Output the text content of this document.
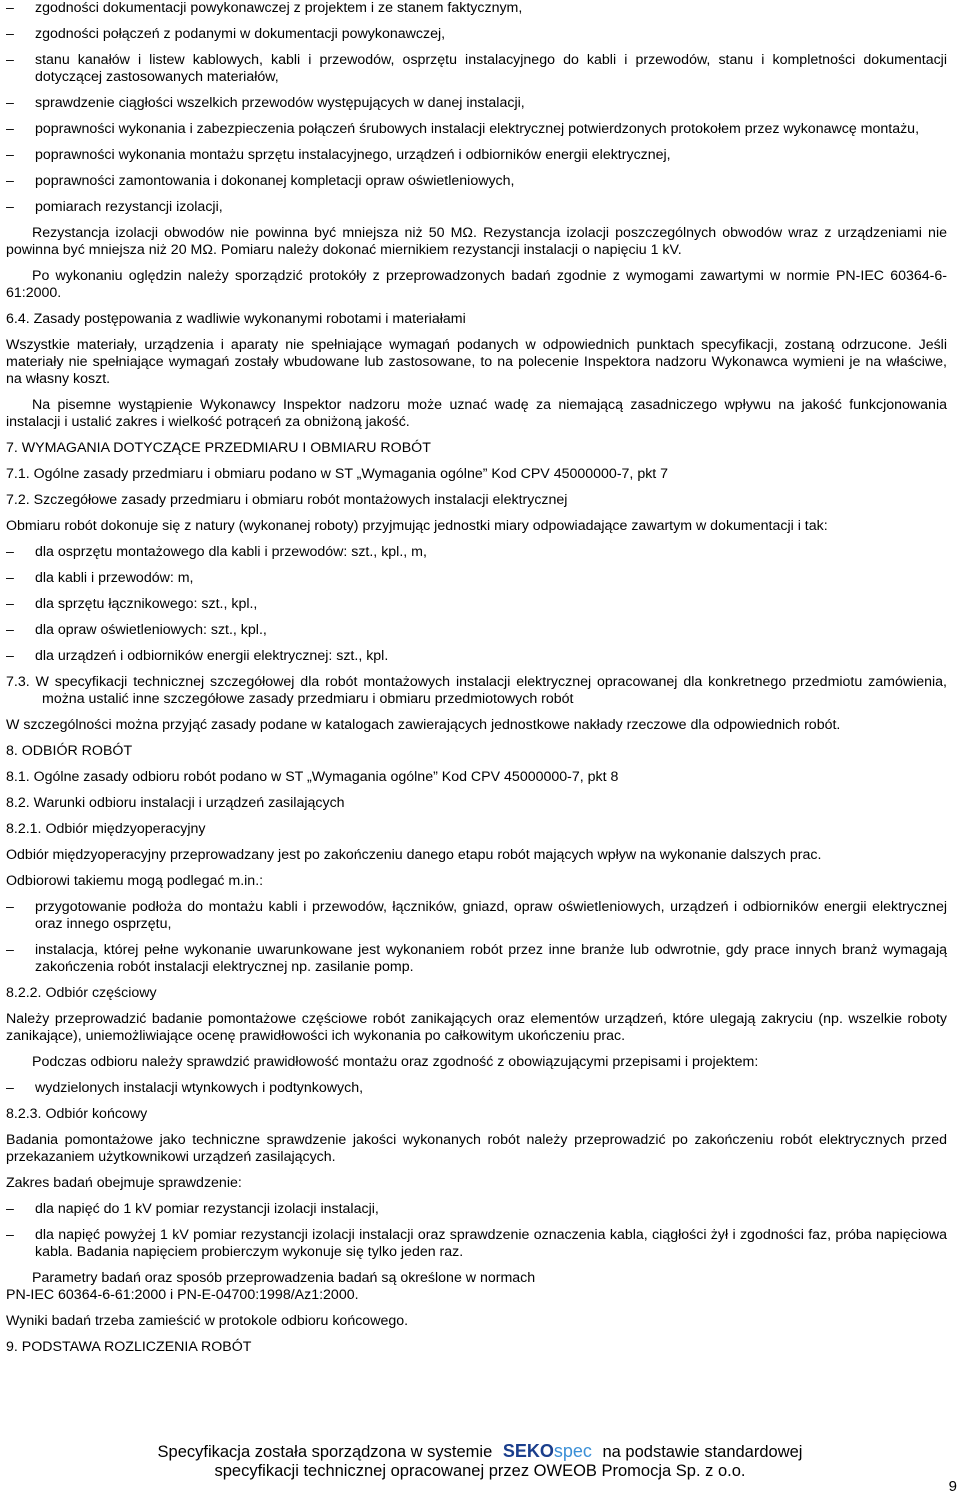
–	zgodności dokumentacji powykonawczej z projektem i ze stanem faktycznym,
–	zgodności połączeń z podanymi w dokumentacji powykonawczej,
–	stanu kanałów i listew kablowych, kabli i przewodów, osprzętu instalacyjnego do kabli i przewodów, stanu i kompletności dokumentacji dotyczącej zastosowanych materiałów,
–	sprawdzenie ciągłości wszelkich przewodów występujących w danej instalacji,
–	poprawności wykonania i zabezpieczenia połączeń śrubowych instalacji elektrycznej potwierdzonych protokołem przez wykonawcę montażu,
–	poprawności wykonania montażu sprzętu instalacyjnego, urządzeń i odbiorników energii elektrycznej,
–	poprawności zamontowania i dokonanej kompletacji opraw oświetleniowych,
–	pomiarach rezystancji izolacji,

Rezystancja izolacji obwodów nie powinna być mniejsza niż 50 MΩ. Rezystancja izolacji poszczególnych obwodów wraz z urządzeniami nie powinna być mniejsza niż 20 MΩ. Pomiaru należy dokonać miernikiem rezystancji instalacji o napięciu 1 kV.

Po wykonaniu oględzin należy sporządzić protokóły z przeprowadzonych badań zgodnie z wymogami zawartymi w normie PN-IEC 60364-6-61:2000.

6.4. Zasady postępowania z wadliwie wykonanymi robotami i materiałami

Wszystkie materiały, urządzenia i aparaty nie spełniające wymagań podanych w odpowiednich punktach specyfikacji, zostaną odrzucone. Jeśli materiały nie spełniające wymagań zostały wbudowane lub zastosowane, to na polecenie Inspektora nadzoru Wykonawca wymieni je na właściwe, na własny koszt.

Na pisemne wystąpienie Wykonawcy Inspektor nadzoru może uznać wadę za niemającą zasadniczego wpływu na jakość funkcjonowania instalacji i ustalić zakres i wielkość potrąceń za obniżoną jakość.

7. WYMAGANIA DOTYCZĄCE PRZEDMIARU I OBMIARU ROBÓT

7.1. Ogólne zasady przedmiaru i obmiaru podano w ST „Wymagania ogólne” Kod CPV 45000000-7, pkt 7

7.2. Szczegółowe zasady przedmiaru i obmiaru robót montażowych instalacji elektrycznej

Obmiaru robót dokonuje się z natury (wykonanej roboty) przyjmując jednostki miary odpowiadające zawartym w dokumentacji i tak:

–	dla osprzętu montażowego dla kabli i przewodów: szt., kpl., m,
–	dla kabli i przewodów: m,
–	dla sprzętu łącznikowego: szt., kpl.,
–	dla opraw oświetleniowych: szt., kpl.,
–	dla urządzeń i odbiorników energii elektrycznej: szt., kpl.

7.3. W specyfikacji technicznej szczegółowej dla robót montażowych instalacji elektrycznej opracowanej dla konkretnego przedmiotu zamówienia, można ustalić inne szczegółowe zasady przedmiaru i obmiaru przedmiotowych robót

W szczególności można przyjąć zasady podane w katalogach zawierających jednostkowe nakłady rzeczowe dla odpowiednich robót.

8. ODBIÓR ROBÓT

8.1. Ogólne zasady odbioru robót podano w ST „Wymagania ogólne” Kod CPV 45000000-7, pkt 8

8.2. Warunki odbioru instalacji i urządzeń zasilających

8.2.1. Odbiór międzyoperacyjny

Odbiór międzyoperacyjny przeprowadzany jest po zakończeniu danego etapu robót mających wpływ na wykonanie dalszych prac.

Odbiorowi takiemu mogą podlegać m.in.:

–	przygotowanie podłoża do montażu kabli i przewodów, łączników, gniazd, opraw oświetleniowych, urządzeń i odbiorników energii elektrycznej oraz innego osprzętu,
–	instalacja, której pełne wykonanie uwarunkowane jest wykonaniem robót przez inne branże lub odwrotnie, gdy prace innych branż wymagają zakończenia robót instalacji elektrycznej np. zasilanie pomp.

8.2.2. Odbiór częściowy

Należy przeprowadzić badanie pomontażowe częściowe robót zanikających oraz elementów urządzeń, które ulegają zakryciu (np. wszelkie roboty zanikające), uniemożliwiające ocenę prawidłowości ich wykonania po całkowitym ukończeniu prac.

Podczas odbioru należy sprawdzić prawidłowość montażu oraz zgodność z obowiązującymi przepisami i projektem:

–	wydzielonych instalacji wtynkowych i podtynkowych,

8.2.3. Odbiór końcowy

Badania pomontażowe jako techniczne sprawdzenie jakości wykonanych robót należy przeprowadzić po zakończeniu robót elektrycznych przed przekazaniem użytkownikowi urządzeń zasilających.

Zakres badań obejmuje sprawdzenie:

–	dla napięć do 1 kV pomiar rezystancji izolacji instalacji,
–	dla napięć powyżej 1 kV pomiar rezystancji izolacji instalacji oraz sprawdzenie oznaczenia kabla, ciągłości żył i zgodności faz, próba napięciowa kabla. Badania napięciem probierczym wykonuje się tylko jeden raz.

Parametry badań oraz sposób przeprowadzenia badań są określone w normach

PN-IEC 60364-6-61:2000 i PN-E-04700:1998/Az1:2000.

Wyniki badań trzeba zamieścić w protokole odbioru końcowego.

9. PODSTAWA ROZLICZENIA ROBÓT

Specyfikacja została sporządzona w systemie SEKOspec na podstawie standardowej
specyfikacji technicznej opracowanej przez OWEOB Promocja Sp. z o.o.
9
